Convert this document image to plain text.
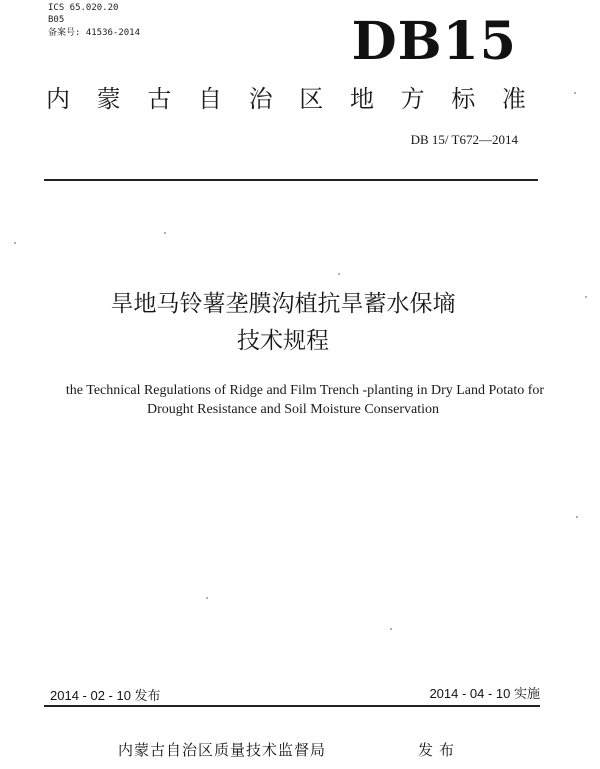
ICS 65.020.20
B05
备案号: 41536-2014	DB15
内 蒙 古 自 治 区 地 方 标 准
DB 15/ T672—2014
旱地马铃薯垄膜沟植抗旱蓄水保墒
技术规程
the Technical Regulations of Ridge and Film Trench -planting in Dry Land Potato for
Drought Resistance and Soil Moisture Conservation
2014 - 02 - 10 发布	2014 - 04 - 10 实施
内蒙古自治区质量技术监督局	发布
